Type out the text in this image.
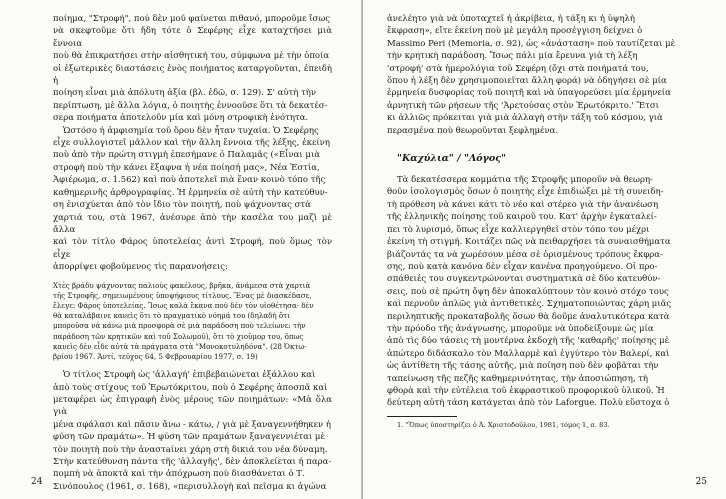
ποίημα, "Στροφή", πού δὲν μοῦ φαίνεται πιθανό, μποροῦμε ἴσως
νὰ σκεφτοῦμε ὅτι ἤδη τότε ὁ Σεφέρης εἶχε καταχτήσει μιὰ ἔννοια
ποὺ θὰ ἐπικρατήσει στὴν αἰσθητική του, σύμφωνα μὲ τὴν ὁποία
οἱ ἐξωτερικὲς διαστάσεις ἑνὸς ποιήματος καταργοῦνται, ἐπειδὴ ἡ
ποίηση εἶναι μιὰ ἀπόλυτη ἀξία (βλ. ἐδῶ, σ. 129). Σ' αὐτὴ τὴν
περίπτωση, μὲ ἄλλα λόγια, ὁ ποιητὴς ἐννοοῦσε ὅτι τὰ δεκατέσ-
σερα ποιήματα ἀποτελοῦν μία καὶ μόνη στροφικὴ ἑνότητα.
Ὡστόσο ἡ ἀμφισημία τοῦ ὅρου δὲν ἦταν τυχαία. Ὁ Σεφέρης
εἶχε συλλογιστεῖ μᾶλλον καὶ τὴν ἄλλη ἔννοια τῆς λέξης, ἐκείνη
ποὺ ἀπὸ τὴν πρώτη στιγμὴ ἐπεσήμανε ὁ Παλαμᾶς («Εἶναι μιὰ
στροφὴ ποὺ τὴν κάνει ἔξαφνα ἡ νέα ποίησή μας», Νέα Ἑστία,
Ἀφιέρωμα, σ. 1.562) καὶ ποὺ ἀποτελεῖ πιὰ ἕναν κοινὸ τόπο τῆς
καθημερινῆς ἀρθρογραφίας. Ἡ ἑρμηνεία σὲ αὐτὴ τὴν κατεύθυν-
ση ἐνισχύεται ἀπὸ τὸν ἴδιο τὸν ποιητή, ποὺ ψάχνοντας στὰ
χαρτιά του, στὰ 1967, ἀνέσυρε ἀπὸ τὴν κασέλα του μαζὶ μὲ ἄλλα
καὶ τὸν τίτλο Φάρος ὑποτελείας ἀντὶ Στροφή, ποὺ ὅμως τὸν εἶχε
ἀπορρίψει φοβούμενος τὶς παρανοήσεις:

Χτὲς βράδυ ψάχνοντας παλιοὺς φακέλους, βρῆκα, ἀνάμεσα στὰ χαρτιὰ

τῆς Στροφῆς, σημειωμένους ὑποψήφιους τίτλους. Ἕνας μὲ διασκέδασε,

ἔλεγε: Φάρος ὑποτελείας. Ἴσως καλὰ ἔκανα ποὺ δὲν τὸν υἱοθέτησα· δὲν

θὰ καταλάβαινε κανεὶς ὅτι τὸ πραγματικὸ νόημά του (δηλαδὴ ὅτι

μποροῦσα νὰ κάνω μιὰ προσφορὰ σὲ μιὰ παράδοση ποὺ τελείωνε: τὴν

παράδοση τῶν κρητικῶν καὶ τοῦ Σολωμοῦ), ὅτι τὸ χιοῦμορ του, ὅπως

κανεὶς δὲν εἶδε αὐτὰ τὰ πράγματα στὰ "Μονοκοτυληδόνα". (28 Ὀκτω-

βρίου 1967. Ἀντί, τεῦχος 64, 5 Φεβρουαρίου 1977, σ. 19)

Ὁ τίτλος Στροφὴ ὡς 'ἀλλαγή' ἐπιβεβαιώνεται ἐξάλλου καὶ
ἀπὸ τοὺς στίχους τοῦ Ἐρωτόκριτου, ποὺ ὁ Σεφέρης ἀποσπᾶ καὶ
μεταφέρει ὡς ἐπιγραφὴ ἑνὸς μέρους τῶν ποιημάτων: «Μὰ ὅλα γιὰ
μένα σφάλασι καὶ πᾶσιν ἄνω - κάτω, / γιὰ μὲ ξαναγεννήθηκεν ἡ
φύση τῶν πραμάτω». Ἡ φύση τῶν πραμάτων ξαναγεννιέται μὲ
τὸν ποιητὴ ποὺ τὴν ἀναστaίνει χάρη στὴ δικιά του νέα δύναμη.
Στὴν κατεύθυνση πάντα τῆς 'ἀλλαγῆς', δὲν ἀποκλείεται ἡ παρα-
πομπὴ νὰ ἀποκτᾶ καὶ τὴν ἀπόχρωση ποὺ διασθάνεται ὁ Τ.
Σινόπουλος (1961, σ. 168), «περισυλλογὴ καὶ πεῖσμα κι ἀγώνα
24
ἀνελέητο γιὰ νὰ ὑποταχτεῖ ἡ ἀκρίβεια, ἡ τάξη κι ἡ ὑψηλὴ
ἔκφραση», εἴτε ἐκείνη ποὺ μὲ μεγάλη προσέγγιση δείχνει ὁ
Massimo Peri (Memoria, σ. 92), ὡς «ἀνάσταση» ποὺ ταυτίζεται μὲ
τὴν κρητικὴ παράδοση. Ἴσως πάλι μία ἔρευνα γιὰ τὴ λέξη
'στροφή' στὰ ἡμερολόγια τοῦ Σεφέρη (ὄχι στὰ ποιήματά του,
ὅπου ἡ λέξη δὲν χρησιμοποιεῖται ἄλλη φορά) νὰ ὁδηγήσει σὲ μία
ἑρμηνεία δυσφορίας τοῦ ποιητῆ καὶ νὰ ὑπαγορεύσει μία ἑρμηνεία
ἀρνητικὴ τῶν ρήσεων τῆς 'Ἀρετούσας στὸν Ἐρωτόκριτο.' Ἔτσι
κι ἀλλιῶς πρόκειται γιὰ μιὰ ἀλλαγὴ στὴν τάξη τοῦ κόσμου, γιὰ
περασμένα ποὺ θεωροῦνται ξεφλημένα.
"Καχύλια" / "Λόγος"
Τὰ δεκατέσσερα κομμάτια τῆς Στροφῆς μποροῦν νὰ θεωρη-
θοῦν ἰσολογισμὸς ὅσων ὁ ποιητὴς εἶχε ἐπιδιώξει μὲ τὴ συνειδη-
τὴ πρόθεση νὰ κάνει κάτι τὸ νέο καὶ στέρεο γιὰ τὴν ἀνανέωση
τῆς ἑλληνικῆς ποίησης τοῦ καιροῦ του. Κατ' ἀρχὴν ἐγκαταλεί-
πει τὸ λυρισμό, ὅπως εἶχε καλλιεργηθεῖ στὸν τόπο του μέχρι
ἐκείνη τὴ στιγμή. Κοιτάζει πῶς νὰ πειθαρχήσει τὰ συναισθήματα
βιάζοντάς τα νὰ χωρέσουν μέσα σὲ ὁρισμένους τρόπους ἔκφρα-
σης, ποὺ κατὰ κανόνα δὲν εἶχαν κανένα προηγούμενο. Οἱ προ-
σπάθειές του συγκεντρώνονται συστηματικὰ σὲ δύο κατευθύν-
σεις, ποὺ σὲ πρώτη ὄψη δὲν ἀποκαλύπτουν τὸν κοινὸ στόχο τους
καὶ περνοῦν ἁπλῶς γιὰ ἀντιθετικές. Σχηματοποιώντας χάρη μιᾶς
περιληπτικῆς προκαταβολῆς ὅσων θὰ δοῦμε ἀναλυτικότερα κατὰ
τὴν πρόοδο τῆς ἀνάγνωσης, μποροῦμε νὰ ὑποδείξουμε ὡς μία
ἀπὸ τὶς δύο τάσεις τὴ μοντέρνα ἐκδοχὴ τῆς 'καθαρῆς' ποίησης μὲ
ἀπώτερο διδάσκαλο τὸν Μαλλαρμὲ καὶ ἐγγύτερο τὸν Βαλερί, καὶ
ὡς ἀντίθετη τῆς τάσης αὐτῆς, μιὰ ποίηση ποὺ δὲν φοβᾶται τὴν
ταπείνωση τῆς πεζῆς καθημερινότητας, τὴν ἀποσιώπηση, τὴ
φθορὰ καὶ τὴν εὐτέλεια τοῦ ἐκφραστικοῦ προφορικοῦ ὑλικοῦ. Ἡ
δεύτερη αὐτὴ τάση κατάγεται ἀπὸ τὸν Laforgue. Πολὺ εὔστοχα ὁ
1. "Ὅπως ὑποστηρίζει ὁ Ἀ. Χριστοδούλου, 1981, τόμος 1, σ. 83.
25
